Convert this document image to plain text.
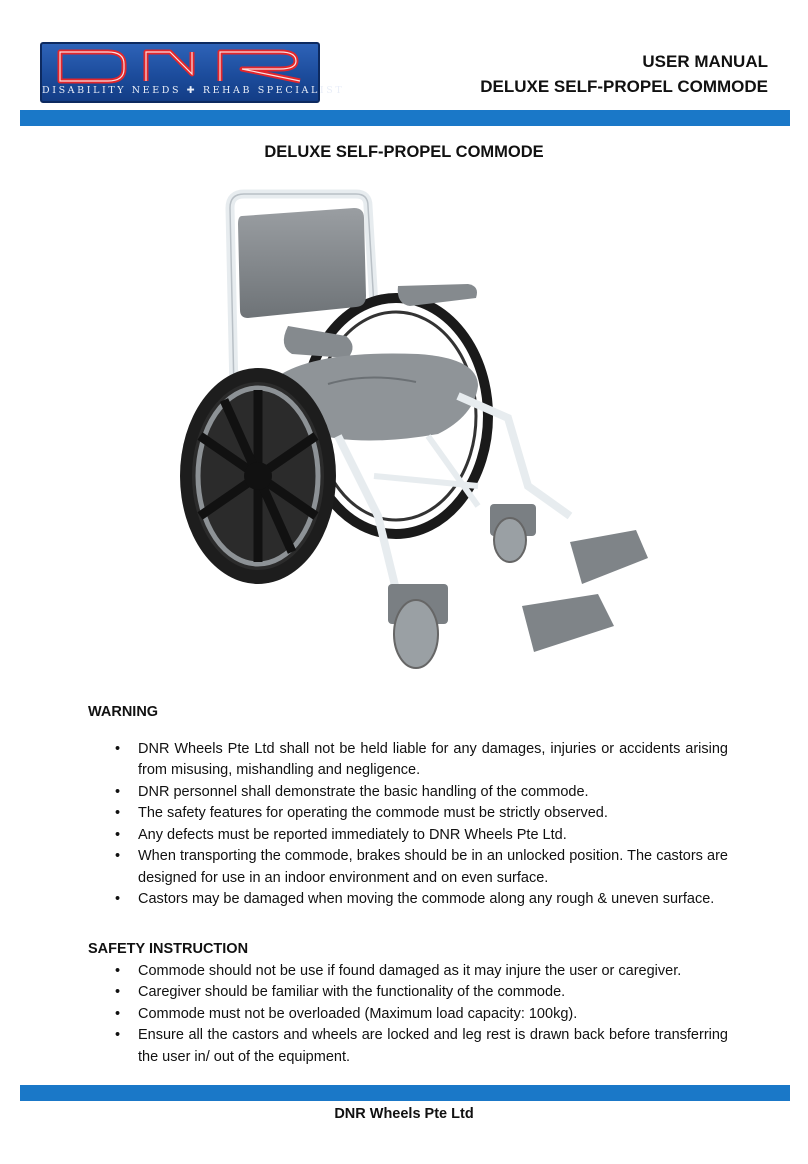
DISABILITY NEEDS ✚ REHAB SPECIALIST
USER MANUAL
DELUXE SELF-PROPEL COMMODE
DELUXE SELF-PROPEL COMMODE

WARNING

• DNR Wheels Pte Ltd shall not be held liable for any damages, injuries or accidents arising from misusing, mishandling and negligence.
• DNR personnel shall demonstrate the basic handling of the commode.
• The safety features for operating the commode must be strictly observed.
• Any defects must be reported immediately to DNR Wheels Pte Ltd.
• When transporting the commode, brakes should be in an unlocked position. The castors are designed for use in an indoor environment and on even surface.
• Castors may be damaged when moving the commode along any rough & uneven surface.

SAFETY INSTRUCTION

• Commode should not be use if found damaged as it may injure the user or caregiver.
• Caregiver should be familiar with the functionality of the commode.
• Commode must not be overloaded (Maximum load capacity: 100kg).
• Ensure all the castors and wheels are locked and leg rest is drawn back before transferring the user in/ out of the equipment.
DNR Wheels Pte Ltd
